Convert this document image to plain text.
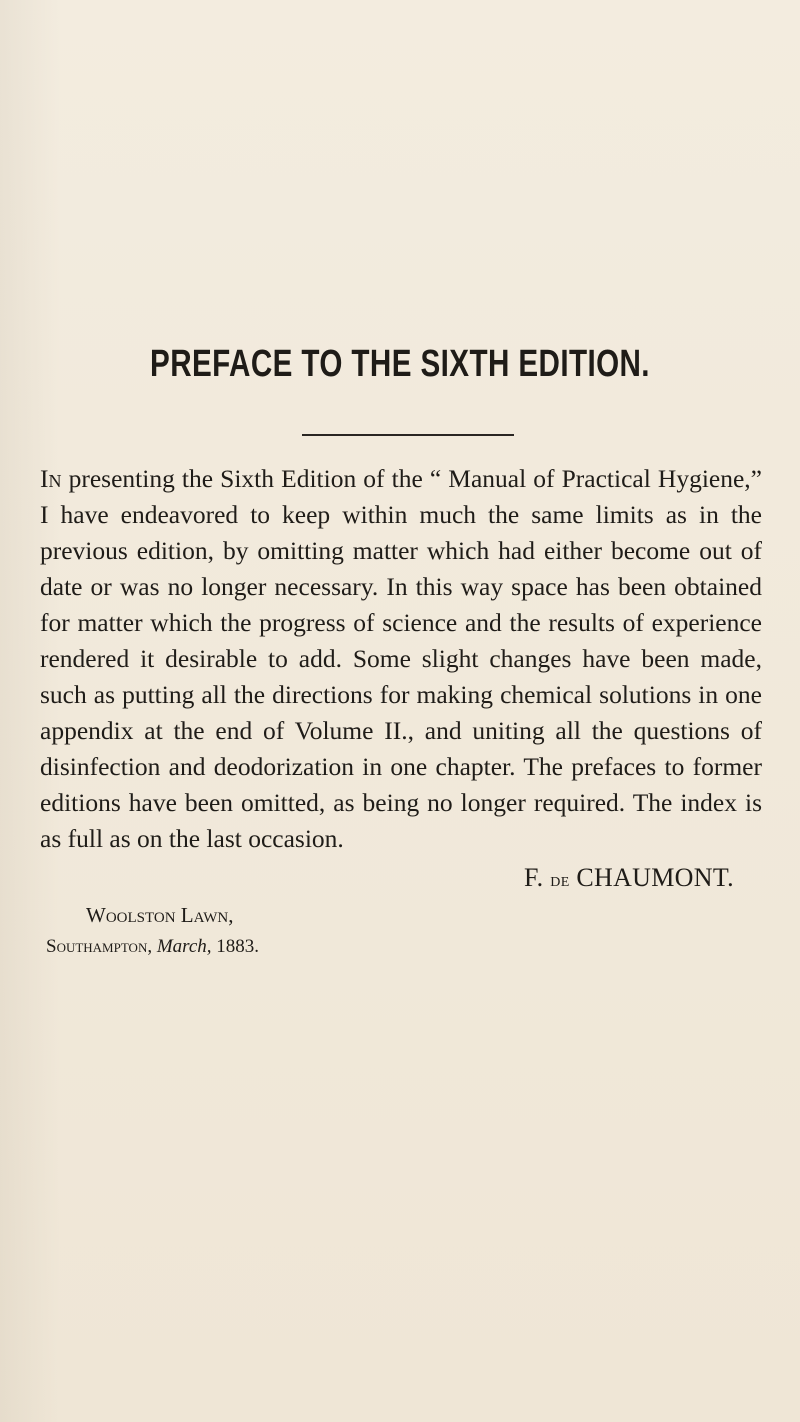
PREFACE TO THE SIXTH EDITION.

In presenting the Sixth Edition of the “ Manual of Practical Hygiene,” I have endeavored to keep within much the same limits as in the previous edition, by omitting matter which had either become out of date or was no longer necessary. In this way space has been obtained for matter which the progress of science and the results of experience rendered it desirable to add. Some slight changes have been made, such as putting all the directions for making chemical solutions in one appendix at the end of Volume II., and uniting all the questions of disinfection and deodorization in one chapter. The prefaces to former editions have been omitted, as being no longer required. The index is as full as on the last occasion.

F. de CHAUMONT.
Woolston Lawn,
Southampton, March, 1883.
